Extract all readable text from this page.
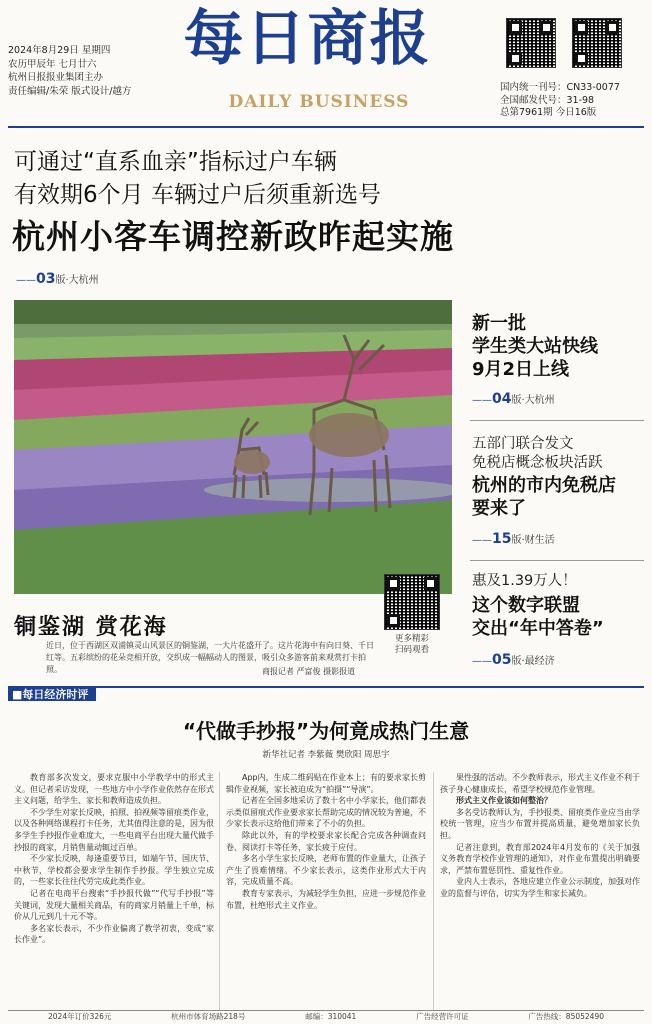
2024年8月29日 星期四
农历甲辰年 七月廿六
杭州日报报业集团主办
责任编辑/朱荣 版式设计/越方
每日商报
DAILY BUSINESS
国内统一刊号：CN33-0077
全国邮发代号：31-98
总第7961期 今日16版
可通过“直系血亲”指标过户车辆
有效期6个月 车辆过户后须重新选号
杭州小客车调控新政昨起实施
——03版·大杭州
新一批
学生类大站快线
9月2日上线
——04版·大杭州
五部门联合发文
免税店概念板块活跃
杭州的市内免税店
要来了
——15版·财生活
惠及1.39万人！
这个数字联盟
交出“年中答卷”
——05版·最经济
铜鉴湖 赏花海
近日，位于西湖区双浦镇灵山风景区的铜鉴湖，一大片花盛开了。这片花海中有向日葵、千日红等。五彩缤纷的花朵竞相开放，交织成一幅幅动人的图景，吸引众多游客前来观赏打卡拍照。	商报记者 严富俊 摄影报道
更多精彩
扫码观看
■每日经济时评
“代做手抄报”为何竟成热门生意
新华社记者 李紫薇 樊欣阳 周思宇

教育部多次发文，要求克服中小学教学中的形式主义。但记者采访发现，一些地方中小学作业依然存在形式主义问题，给学生、家长和教师造成负担。

不少学生对家长反映，拍照、拍视频等留痕类作业，以及各种网络课程打卡任务，尤其值得注意的是，因为很多学生手抄报作业难度大，一些电商平台出现大量代做手抄报的商家，月销售量动辄过百单。

不少家长反映，每逢重要节日，如端午节、国庆节、中秋节，学校都会要求学生制作手抄报。学生独立完成的，一些家长往往代劳完成此类作业。

记者在电商平台搜索“手抄报代做”“代写手抄报”等关键词，发现大量相关商品，有的商家月销量上千单，标价从几元到几十元不等。

多名家长表示，不少作业偏离了教学初衷，变成“家长作业”。

App内，生成二维码贴在作业本上；有的要求家长剪辑作业视频，家长被迫成为“拍摄”“导演”。

记者在全国多地采访了数十名中小学家长，他们都表示类似留痕式作业要求家长帮助完成的情况较为普遍，不少家长表示这给他们带来了不小的负担。

除此以外，有的学校要求家长配合完成各种调查问卷、阅读打卡等任务，家长疲于应付。

多名小学生家长反映，老师布置的作业量大，让孩子产生了畏难情绪。不少家长表示，这类作业形式大于内容，完成质量不高。

教育专家表示，为减轻学生负担，应进一步规范作业布置，杜绝形式主义作业。

果性强的活动。不少教师表示，形式主义作业不利于孩子身心健康成长，希望学校规范作业管理。

形式主义作业该如何整治？

多名受访教师认为，手抄报类、留痕类作业应当由学校统一管理，应当少布置并提高质量，避免增加家长负担。

记者注意到，教育部2024年4月发布的《关于加强义务教育学校作业管理的通知》，对作业布置提出明确要求，严禁布置惩罚性、重复性作业。

业内人士表示，各地应建立作业公示制度，加强对作业的监督与评估，切实为学生和家长减负。

2024年订价326元	杭州市体育场路218号	邮编：310041	广告经营许可证	广告热线：85052490
